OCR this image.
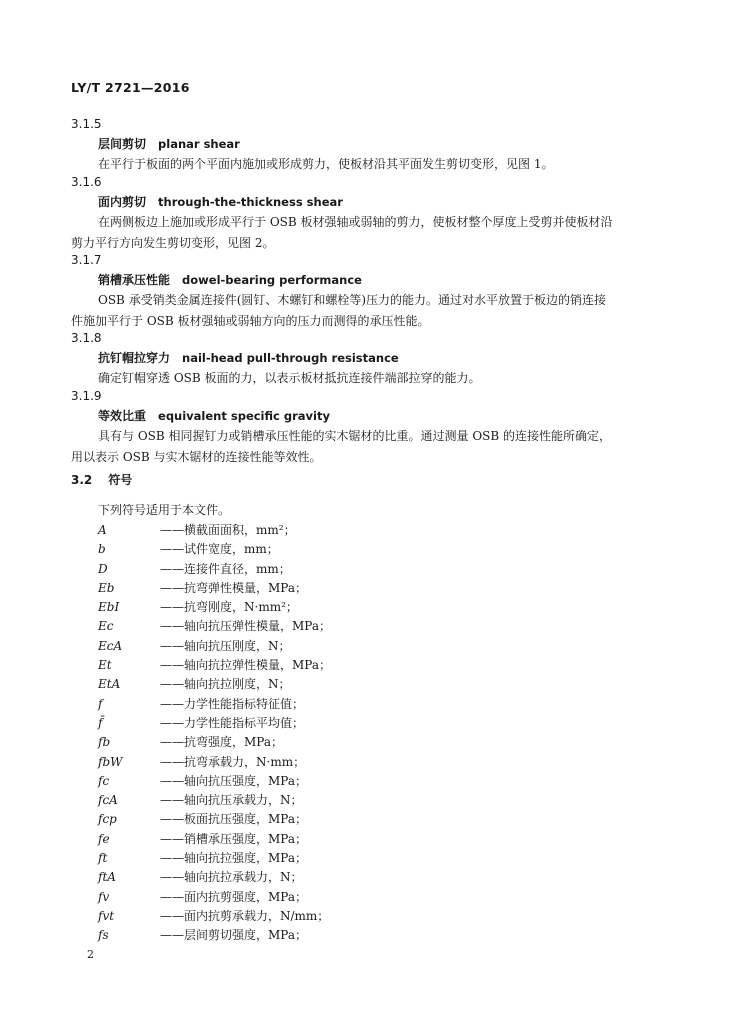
LY/T 2721—2016
3.1.5
层间剪切 planar shear
在平行于板面的两个平面内施加或形成剪力，使板材沿其平面发生剪切变形，见图 1。
3.1.6
面内剪切 through-the-thickness shear
在两侧板边上施加或形成平行于 OSB 板材强轴或弱轴的剪力，使板材整个厚度上受剪并使板材沿
剪力平行方向发生剪切变形，见图 2。
3.1.7
销槽承压性能 dowel-bearing performance
OSB 承受销类金属连接件(圆钉、木螺钉和螺栓等)压力的能力。通过对水平放置于板边的销连接
件施加平行于 OSB 板材强轴或弱轴方向的压力而测得的承压性能。
3.1.8
抗钉帽拉穿力 nail-head pull-through resistance
确定钉帽穿透 OSB 板面的力，以表示板材抵抗连接件端部拉穿的能力。
3.1.9
等效比重 equivalent specific gravity
具有与 OSB 相同握钉力或销槽承压性能的实木锯材的比重。通过测量 OSB 的连接性能所确定，
用以表示 OSB 与实木锯材的连接性能等效性。
3.2 符号
下列符号适用于本文件。
A	——横截面面积，mm²；
b	——试件宽度，mm；
D	——连接件直径，mm；
Eb	——抗弯弹性模量，MPa；
EbI	——抗弯刚度，N·mm²；
Ec	——轴向抗压弹性模量，MPa；
EcA	——轴向抗压刚度，N；
Et	——轴向抗拉弹性模量，MPa；
EtA	——轴向抗拉刚度，N；
f	——力学性能指标特征值；
f̄	——力学性能指标平均值；
fb	——抗弯强度，MPa；
fbW	——抗弯承载力，N·mm；
fc	——轴向抗压强度，MPa；
fcA	——轴向抗压承载力，N；
fcp	——板面抗压强度，MPa；
fe	——销槽承压强度，MPa；
ft	——轴向抗拉强度，MPa；
ftA	——轴向抗拉承载力，N；
fv	——面内抗剪强度，MPa；
fvt	——面内抗剪承载力，N/mm；
fs	——层间剪切强度，MPa；
2
